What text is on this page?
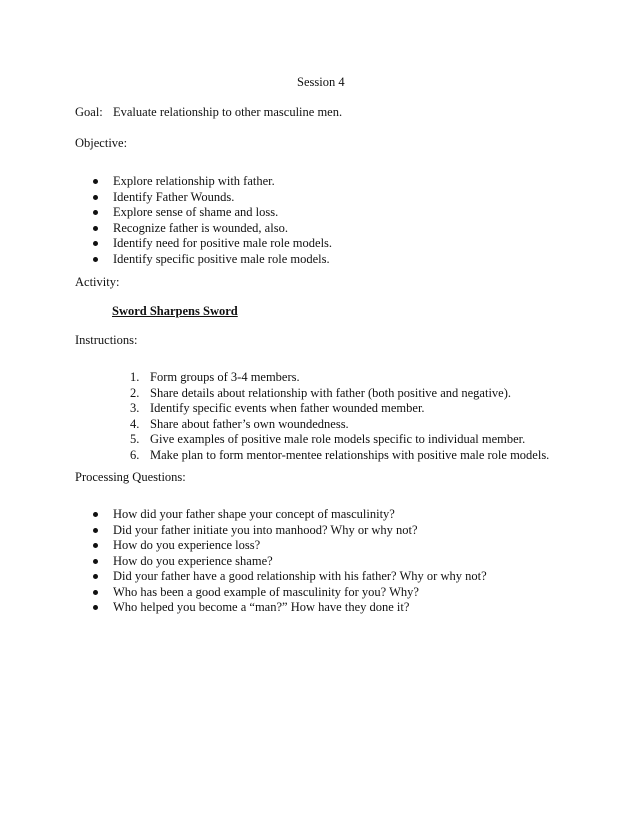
Session 4
Goal: Evaluate relationship to other masculine men.
Objective:
Explore relationship with father.
Identify Father Wounds.
Explore sense of shame and loss.
Recognize father is wounded, also.
Identify need for positive male role models.
Identify specific positive male role models.
Activity:
Sword Sharpens Sword
Instructions:
1. Form groups of 3-4 members.
2. Share details about relationship with father (both positive and negative).
3. Identify specific events when father wounded member.
4. Share about father’s own woundedness.
5. Give examples of positive male role models specific to individual member.
6. Make plan to form mentor-mentee relationships with positive male role models.
Processing Questions:
How did your father shape your concept of masculinity?
Did your father initiate you into manhood? Why or why not?
How do you experience loss?
How do you experience shame?
Did your father have a good relationship with his father? Why or why not?
Who has been a good example of masculinity for you? Why?
Who helped you become a “man?” How have they done it?
